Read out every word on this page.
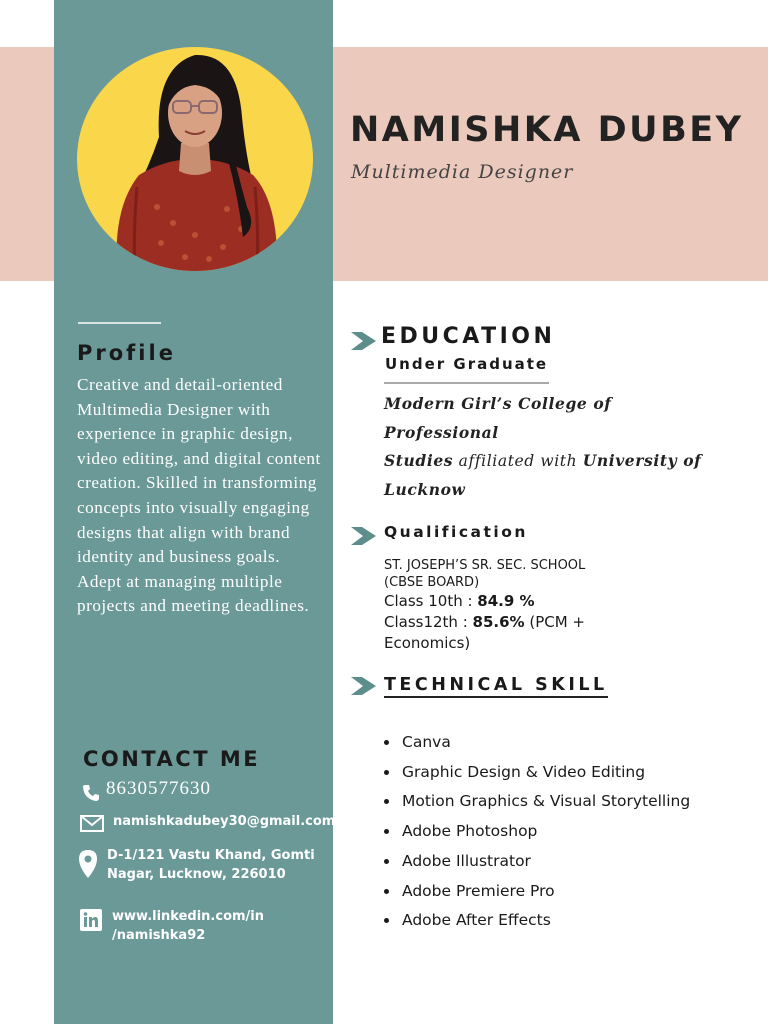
NAMISHKA DUBEY
Multimedia Designer
Profile
Creative and detail-oriented Multimedia Designer with experience in graphic design, video editing, and digital content creation. Skilled in transforming concepts into visually engaging designs that align with brand identity and business goals. Adept at managing multiple projects and meeting deadlines.
CONTACT ME
8630577630
namishkadubey30@gmail.com
D-1/121 Vastu Khand, Gomti Nagar, Lucknow, 226010
www.linkedin.com/in
/namishka92
EDUCATION
Under Graduate
Modern Girl’s College of
Professional
Studies affiliated with University of
Lucknow
Qualification
ST. JOSEPH’S SR. SEC. SCHOOL
(CBSE BOARD)
Class 10th : 84.9 %
Class12th : 85.6% (PCM + Economics)
TECHNICAL SKILL
Canva
Graphic Design & Video Editing
Motion Graphics & Visual Storytelling
Adobe Photoshop
Adobe Illustrator
Adobe Premiere Pro
Adobe After Effects
